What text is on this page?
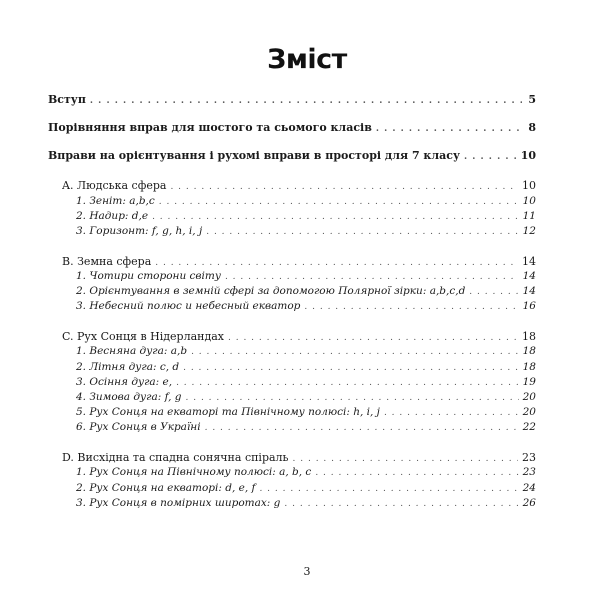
Зміст
Вступ . . .	5
Порівняння вправ для шостого та сьомого класів . . .	8
Вправи на орієнтування і рухомі вправи в просторі для 7 класу . . .	10
A. Людська сфера . . .	10
1. Зеніт: a,b,c . . .	10
2. Надир: d,e . . .	11
3. Горизонт: f, g, h, i, j . . .	12
B. Земна сфера . . .	14
1. Чотири сторони світу . . .	14
2. Орієнтування в земній сфері за допомогою Полярної зірки: a,b,c,d . . .	14
3. Небесний полюс и небесный екватор . . .	16
C. Рух Сонця в Нідерландах . . .	18
1. Весняна дуга: a,b . . .	18
2. Літня дуга: c, d . . .	18
3. Осіння дуга: e, . . .	19
4. Зимова дуга: f, g . . .	20
5. Рух Сонця на екваторі та Північному полюсі: h, i, j . . .	20
6. Рух Сонця в Україні . . .	22
D. Висхідна та спадна сонячна спіраль . . .	23
1. Рух Сонця на Північному полюсі: a, b, c . . .	23
2. Рух Сонця на екваторі: d, e, f . . .	24
3. Рух Сонця в помірних широтах: g . . .	26
3
